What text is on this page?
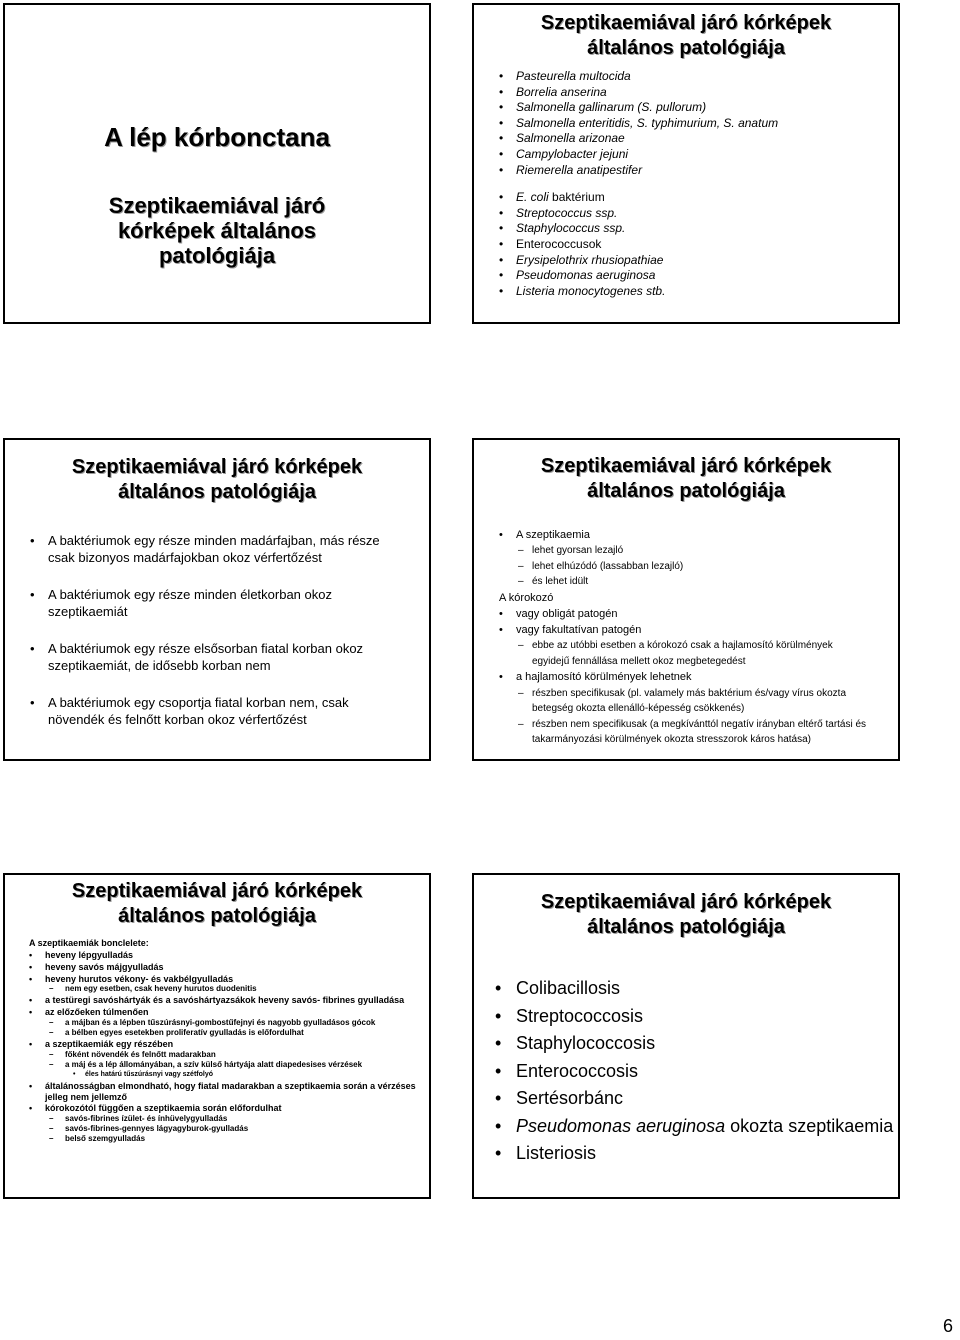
A lép kórbonctana
Szeptikaemiával járó
kórképek általános
patológiája
Szeptikaemiával járó kórképek
általános patológiája
• Pasteurella multocida
• Borrelia anserina
• Salmonella gallinarum (S. pullorum)
• Salmonella enteritidis, S. typhimurium, S. anatum
• Salmonella arizonae
• Campylobacter jejuni
• Riemerella anatipestifer
• E. coli baktérium
• Streptococcus ssp.
• Staphylococcus ssp.
• Enterococcusok
• Erysipelothrix rhusiopathiae
• Pseudomonas aeruginosa
• Listeria monocytogenes stb.
Szeptikaemiával járó kórképek
általános patológiája
• A baktériumok egy része minden madárfajban, más része csak bizonyos madárfajokban okoz vérfertőzést
• A baktériumok egy része minden életkorban okoz szeptikaemiát
• A baktériumok egy része elsősorban fiatal korban okoz szeptikaemiát, de idősebb korban nem
• A baktériumok egy csoportja fiatal korban nem, csak növendék és felnőtt korban okoz vérfertőzést
Szeptikaemiával járó kórképek
általános patológiája
• A szeptikaemia
– lehet gyorsan lezajló
– lehet elhúzódó (lassabban lezajló)
– és lehet idült
A kórokozó
• vagy obligát patogén
• vagy fakultatívan patogén
– ebbe az utóbbi esetben a kórokozó csak a hajlamosító körülmények egyidejű fennállása mellett okoz megbetegedést
• a hajlamosító körülmények lehetnek
– részben specifikusak (pl. valamely más baktérium és/vagy vírus okozta betegség okozta ellenálló-képesség csökkenés)
– részben nem specifikusak (a megkívánttól negatív irányban eltérő tartási és takarmányozási körülmények okozta stresszorok káros hatása)
Szeptikaemiával járó kórképek
általános patológiája
A szeptikaemiák bonclelete:
• heveny lépgyulladás
• heveny savós májgyulladás
• heveny hurutos vékony- és vakbélgyulladás
– nem egy esetben, csak heveny hurutos duodenitis
• a testüregi savóshártyák és a savóshártyazsákok heveny savós- fibrines gyulladása
• az előzőeken túlmenően
– a májban és a lépben tűszúrásnyi-gombostűfejnyi és nagyobb gyulladásos gócok
– a bélben egyes esetekben proliferatív gyulladás is előfordulhat
• a szeptikaemiák egy részében
– főként növendék és felnőtt madarakban
– a máj és a lép állományában, a szív külső hártyája alatt diapedesises vérzések
• éles határú tűszúrásnyi vagy szétfolyó
• általánosságban elmondható, hogy fiatal madarakban a szeptikaemia során a vérzéses jelleg nem jellemző
• kórokozótól függően a szeptikaemia során előfordulhat
– savós-fibrines ízület- és ínhüvelygyulladás
– savós-fibrines-gennyes lágyagyburok-gyulladás
– belső szemgyulladás
Szeptikaemiával járó kórképek
általános patológiája
• Colibacillosis
• Streptococcosis
• Staphylococcosis
• Enterococcosis
• Sertésorbánc
• Pseudomonas aeruginosa okozta szeptikaemia
• Listeriosis
6
